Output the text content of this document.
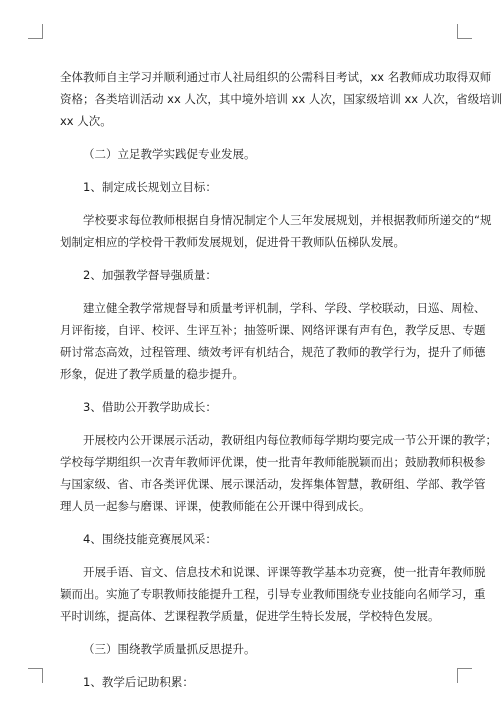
全体教师自主学习并顺利通过市人社局组织的公需科目考试，xx 名教师成功取得双师
资格；各类培训活动 xx 人次，其中境外培训 xx 人次，国家级培训 xx 人次，省级培训
xx 人次。
（二）立足教学实践促专业发展。
1、制定成长规划立目标：
学校要求每位教师根据自身情况制定个人三年发展规划，并根据教师所递交的“规
划制定相应的学校骨干教师发展规划，促进骨干教师队伍梯队发展。
2、加强教学督导强质量：
建立健全教学常规督导和质量考评机制，学科、学段、学校联动，日巡、周检、
月评衔接，自评、校评、生评互补；抽签听课、网络评课有声有色，教学反思、专题
研讨常态高效，过程管理、绩效考评有机结合，规范了教师的教学行为，提升了师德
形象，促进了教学质量的稳步提升。
3、借助公开教学助成长：
开展校内公开课展示活动，教研组内每位教师每学期均要完成一节公开课的教学；
学校每学期组织一次青年教师评优课，使一批青年教师能脱颖而出；鼓励教师积极参
与国家级、省、市各类评优课、展示课活动，发挥集体智慧，教研组、学部、教学管
理人员一起参与磨课、评课，使教师能在公开课中得到成长。
4、围绕技能竞赛展风采：
开展手语、盲文、信息技术和说课、评课等教学基本功竞赛，使一批青年教师脱
颖而出。实施了专职教师技能提升工程，引导专业教师围绕专业技能向名师学习，重
平时训练，提高体、艺课程教学质量，促进学生特长发展，学校特色发展。
（三）围绕教学质量抓反思提升。
1、教学后记助积累：
